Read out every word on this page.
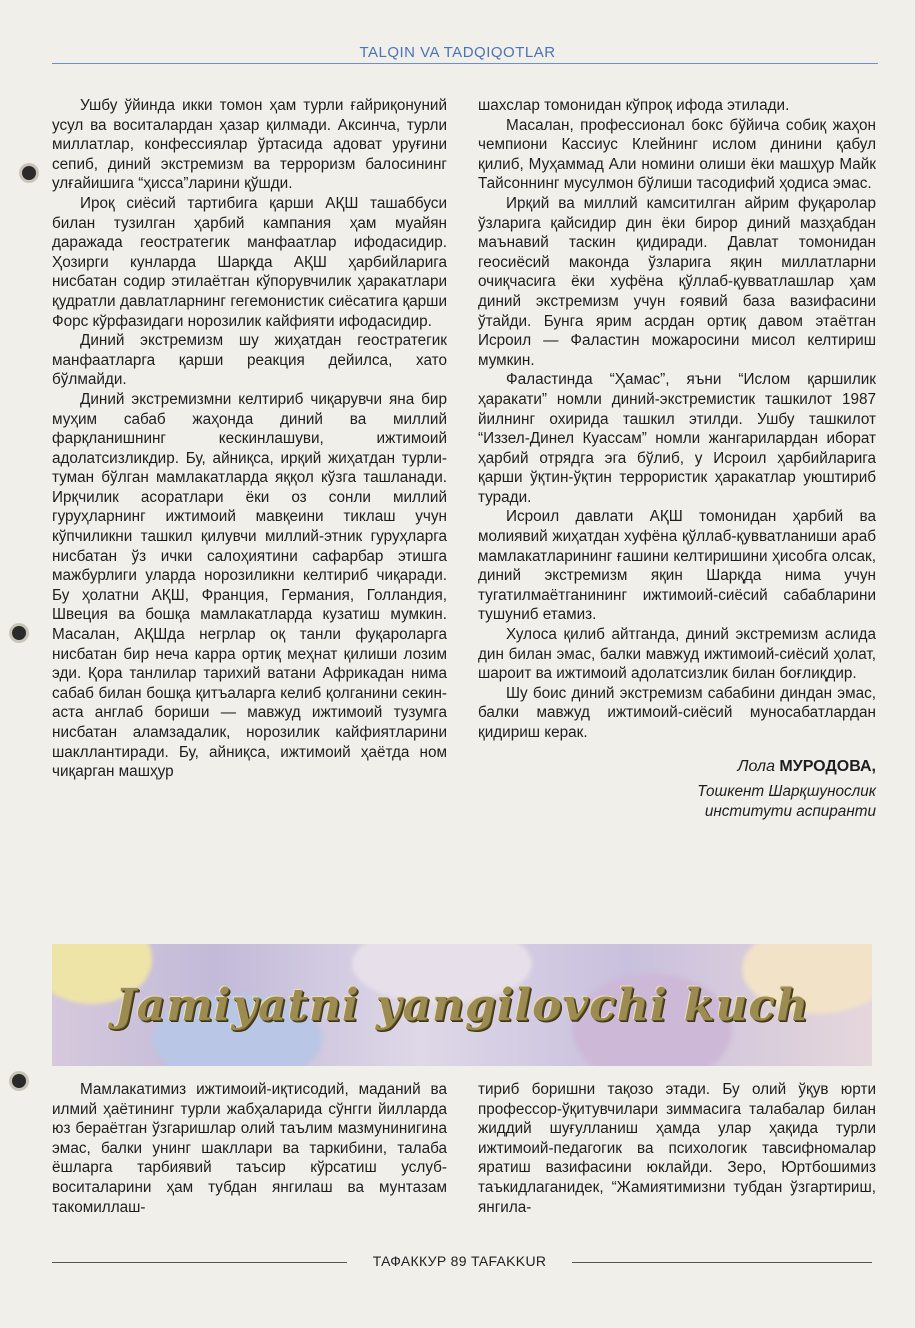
TALQIN VA TADQIQOTLAR

Ушбу ўйинда икки томон ҳам турли ғайриқонуний усул ва воситалардан ҳазар қилмади. Аксинча, турли миллатлар, конфессиялар ўртасида адоват уруғини сепиб, диний экстремизм ва терроризм балосининг улғайишига “ҳисса”ларини қўшди.

Ироқ сиёсий тартибига қарши АҚШ ташаббуси билан тузилган ҳарбий кампания ҳам муайян даражада геостратегик манфаатлар ифодасидир. Ҳозирги кунларда Шарқда АҚШ ҳарбийларига нисбатан содир этилаётган кўпорувчилик ҳаракатлари қудратли давлатларнинг гегемонистик сиёсатига қарши Форс кўрфазидаги норозилик кайфияти ифодасидир.

Диний экстремизм шу жиҳатдан геостратегик манфаатларга қарши реакция дейилса, хато бўлмайди.

Диний экстремизмни келтириб чиқарувчи яна бир муҳим сабаб жаҳонда диний ва миллий фарқланишнинг кескинлашуви, ижтимоий адолатсизликдир. Бу, айниқса, ирқий жиҳатдан турли-туман бўлган мамлакатларда яққол кўзга ташланади. Ирқчилик асоратлари ёки оз сонли миллий гуруҳларнинг ижтимоий мавқеини тиклаш учун кўпчиликни ташкил қилувчи миллий-этник гуруҳларга нисбатан ўз ички салоҳиятини сафарбар этишга мажбурлиги уларда норозиликни келтириб чиқаради. Бу ҳолатни АҚШ, Франция, Германия, Голландия, Швеция ва бошқа мамлакатларда кузатиш мумкин. Масалан, АҚШда негрлар оқ танли фуқароларга нисбатан бир неча карра ортиқ меҳнат қилиши лозим эди. Қора танлилар тарихий ватани Африкадан нима сабаб билан бошқа қитъаларга келиб қолганини секин-аста англаб бориши — мавжуд ижтимоий тузумга нисбатан аламзадалик, норозилик кайфиятларини шакллантиради. Бу, айниқса, ижтимоий ҳаётда ном чиқарган машҳур

шахслар томонидан кўпроқ ифода этилади.

Масалан, профессионал бокс бўйича собиқ жаҳон чемпиони Кассиус Клейнинг ислом динини қабул қилиб, Муҳаммад Али номини олиши ёки машҳур Майк Тайсоннинг мусулмон бўлиши тасодифий ҳодиса эмас.

Ирқий ва миллий камситилган айрим фуқаролар ўзларига қайсидир дин ёки бирор диний мазҳабдан маънавий таскин қидиради. Давлат томонидан геосиёсий маконда ўзларига яқин миллатларни очиқчасига ёки хуфёна қўллаб-қувватлашлар ҳам диний экстремизм учун ғоявий база вазифасини ўтайди. Бунга ярим асрдан ортиқ давом этаётган Исроил — Фаластин можаросини мисол келтириш мумкин.

Фаластинда “Ҳамас”, яъни “Ислом қаршилик ҳаракати” номли диний-экстремистик ташкилот 1987 йилнинг охирида ташкил этилди. Ушбу ташкилот “Иззел-Динел Куассам” номли жангарилардан иборат ҳарбий отрядга эга бўлиб, у Исроил ҳарбийларига қарши ўқтин-ўқтин террористик ҳаракатлар уюштириб туради.

Исроил давлати АҚШ томонидан ҳарбий ва молиявий жиҳатдан хуфёна қўллаб-қувватланиши араб мамлакатларининг ғашини келтиришини ҳисобга олсак, диний экстремизм яқин Шарқда нима учун тугатилмаётганининг ижтимоий-сиёсий сабабларини тушуниб етамиз.

Хулоса қилиб айтганда, диний экстремизм аслида дин билан эмас, балки мавжуд ижтимоий-сиёсий ҳолат, шароит ва ижтимоий адолатсизлик билан боғлиқдир.

Шу боис диний экстремизм сабабини диндан эмас, балки мавжуд ижтимоий-сиёсий муносабатлардан қидириш керак.

Лола МУРОДОВА,
Тошкент Шарқшунослик
институти аспиранти
Jamiyatni yangilovchi kuch

Мамлакатимиз ижтимоий-иқтисодий, маданий ва илмий ҳаётининг турли жабҳаларида сўнгги йилларда юз бераётган ўзгаришлар олий таълим мазмунинигина эмас, балки унинг шакллари ва таркибини, талаба ёшларга тарбиявий таъсир кўрсатиш услуб-воситаларини ҳам тубдан янгилаш ва мунтазам такомиллаш-

тириб боришни тақозо этади. Бу олий ўқув юрти профессор-ўқитувчилари зиммасига талабалар билан жиддий шуғулланиш ҳамда улар ҳақида турли ижтимоий-педагогик ва психологик тавсифномалар яратиш вазифасини юклайди. Зеро, Юртбошимиз таъкидлаганидек, “Жамиятимизни тубдан ўзгартириш, янгила-

ТАФАККУР 89 TAFAKKUR
